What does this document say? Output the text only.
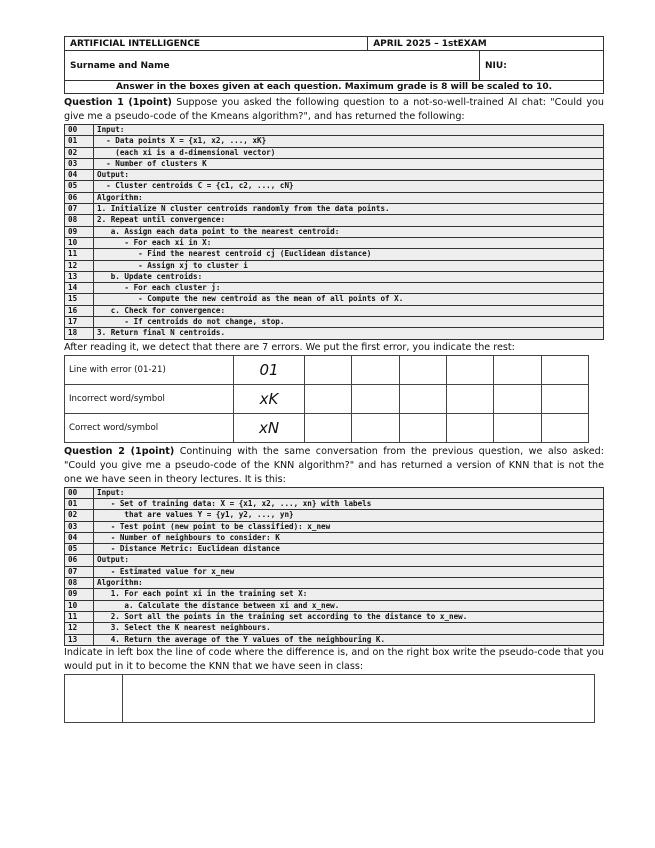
ARTIFICIAL INTELLIGENCE	APRIL 2025 – 1stEXAM	
Surname and Name		NIU:
Answer in the boxes given at each question. Maximum grade is 8 will be scaled to 10.		
Question 1 (1point) Suppose you asked the following question to a not-so-well-trained AI chat: "Could you give me a pseudo-code of the Kmeans algorithm?", and has returned the following:
00	Input:
01	- Data points X = {x1, x2, ..., xK}
02	(each xi is a d-dimensional vector)
03	- Number of clusters K
04	Output:
05	- Cluster centroids C = {c1, c2, ..., cN}
06	Algorithm:
07	1. Initialize N cluster centroids randomly from the data points.
08	2. Repeat until convergence:
09	a. Assign each data point to the nearest centroid:
10	- For each xi in X:
11	- Find the nearest centroid cj (Euclidean distance)
12	- Assign xj to cluster i
13	b. Update centroids:
14	- For each cluster j:
15	- Compute the new centroid as the mean of all points of X.
16	c. Check for convergence:
17	- If centroids do not change, stop.
18	3. Return final N centroids.
After reading it, we detect that there are 7 errors. We put the first error, you indicate the rest:
Line with error (01-21)	01						
Incorrect word/symbol	xK						
Correct word/symbol	xN						
Question 2 (1point) Continuing with the same conversation from the previous question, we also asked: "Could you give me a pseudo-code of the KNN algorithm?" and has returned a version of KNN that is not the one we have seen in theory lectures. It is this:
00	Input:
01	- Set of training data: X = {x1, x2, ..., xn} with labels
02	that are values Y = {y1, y2, ..., yn}
03	- Test point (new point to be classified): x_new
04	- Number of neighbours to consider: K
05	- Distance Metric: Euclidean distance
06	Output:
07	- Estimated value for x_new
08	Algorithm:
09	1. For each point xi in the training set X:
10	a. Calculate the distance between xi and x_new.
11	2. Sort all the points in the training set according to the distance to x_new.
12	3. Select the K nearest neighbours.
13	4. Return the average of the Y values of the neighbouring K.
Indicate in left box the line of code where the difference is, and on the right box write the pseudo-code that you would put in it to become the KNN that we have seen in class:
